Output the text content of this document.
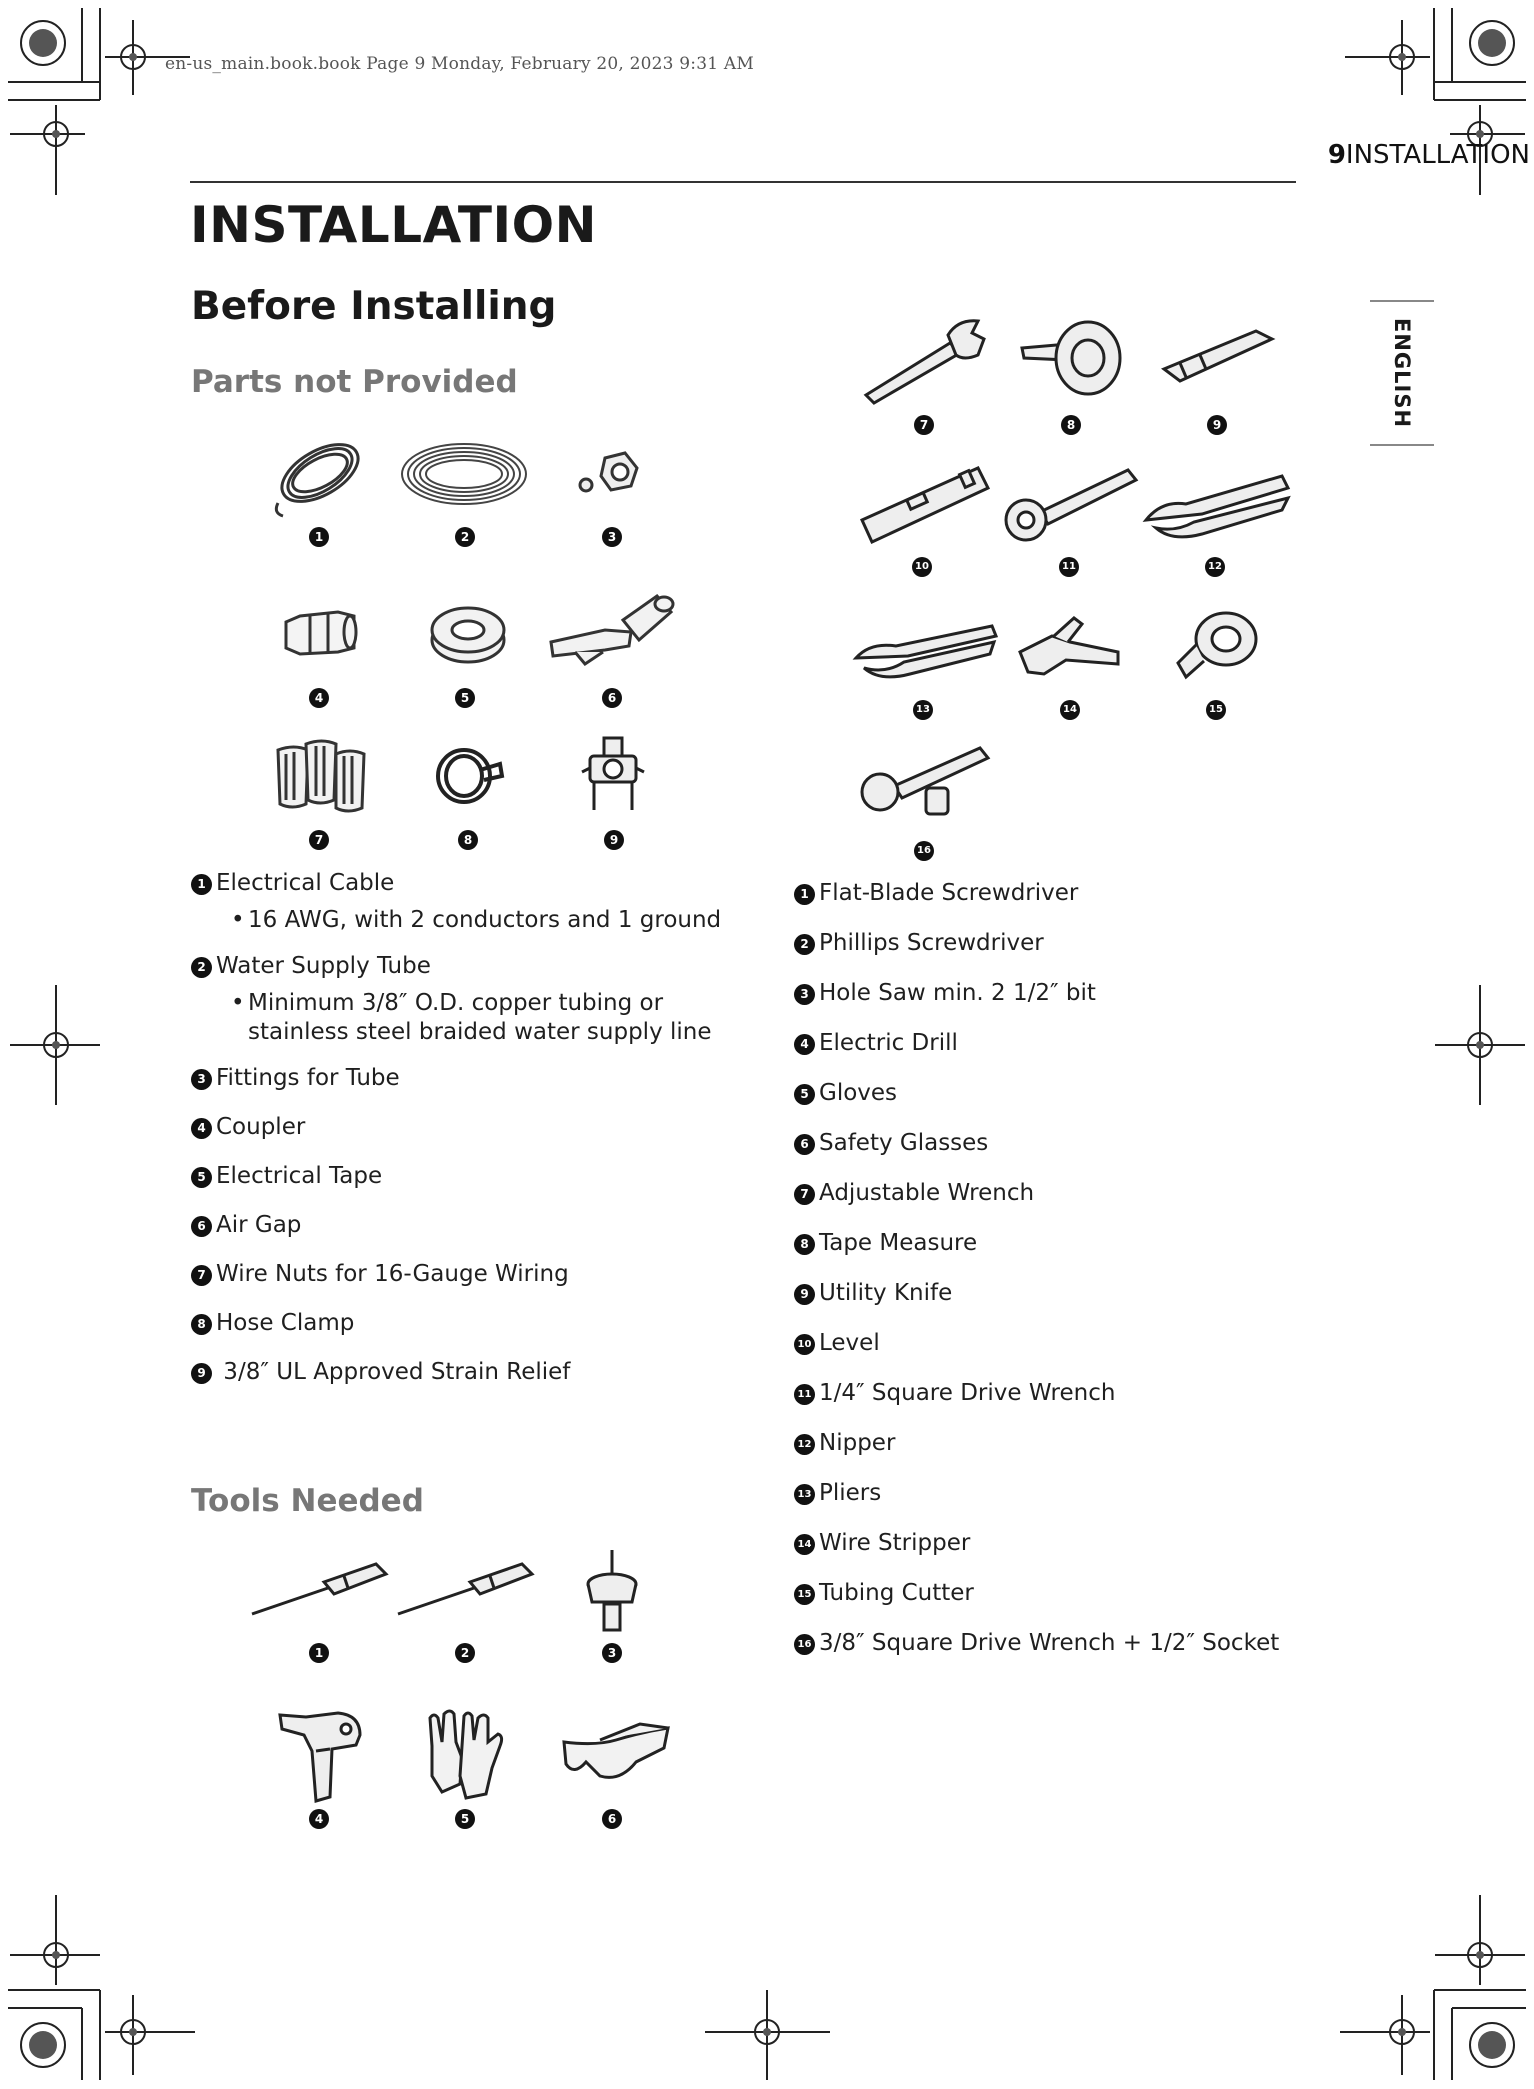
en-us_main.book.book Page 9 Monday, February 20, 2023 9:31 AM
9INSTALLATION
ENGLISH
INSTALLATION
Before Installing
Parts not Provided
Tools Needed
1	2	3
4	5	6
7	8	9
1 Electrical Cable
• 16 AWG, with 2 conductors and 1 ground
2 Water Supply Tube
• Minimum 3/8″ O.D. copper tubing or
stainless steel braided water supply line
3 Fittings for Tube
4 Coupler
5 Electrical Tape
6 Air Gap
7 Wire Nuts for 16-Gauge Wiring
8 Hose Clamp
9 3/8″ UL Approved Strain Relief
1	2	3
4	5	6
7	8	9
10	11	12
13	14	15
16
1 Flat-Blade Screwdriver
2 Phillips Screwdriver
3 Hole Saw min. 2 1/2″ bit
4 Electric Drill
5 Gloves
6 Safety Glasses
7 Adjustable Wrench
8 Tape Measure
9 Utility Knife
10 Level
11 1/4″ Square Drive Wrench
12 Nipper
13 Pliers
14 Wire Stripper
15 Tubing Cutter
16 3/8″ Square Drive Wrench + 1/2″ Socket
